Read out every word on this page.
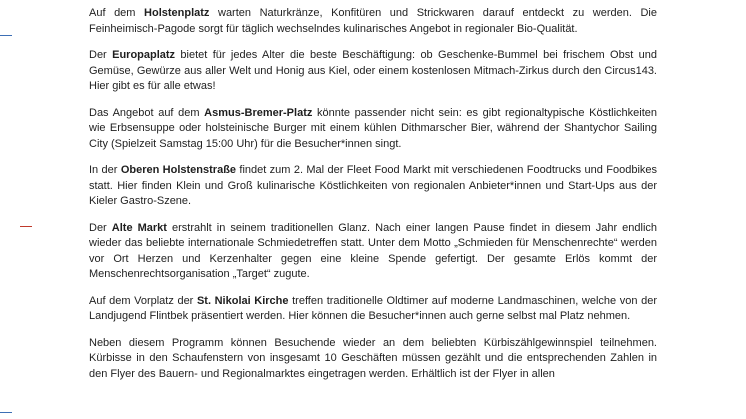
Auf dem Holstenplatz warten Naturkränze, Konfitüren und Strickwaren darauf entdeckt zu werden. Die Feinheimisch-Pagode sorgt für täglich wechselndes kulinarisches Angebot in regionaler Bio-Qualität.

Der Europaplatz bietet für jedes Alter die beste Beschäftigung: ob Geschenke-Bummel bei frischem Obst und Gemüse, Gewürze aus aller Welt und Honig aus Kiel, oder einem kostenlosen Mitmach-Zirkus durch den Circus143. Hier gibt es für alle etwas!

Das Angebot auf dem Asmus-Bremer-Platz könnte passender nicht sein: es gibt regionaltypische Köstlichkeiten wie Erbsensuppe oder holsteinische Burger mit einem kühlen Dithmarscher Bier, während der Shantychor Sailing City (Spielzeit Samstag 15:00 Uhr) für die Besucher*innen singt.

In der Oberen Holstenstraße findet zum 2. Mal der Fleet Food Markt mit verschiedenen Foodtrucks und Foodbikes statt. Hier finden Klein und Groß kulinarische Köstlichkeiten von regionalen Anbieter*innen und Start-Ups aus der Kieler Gastro-Szene.

Der Alte Markt erstrahlt in seinem traditionellen Glanz. Nach einer langen Pause findet in diesem Jahr endlich wieder das beliebte internationale Schmiedetreffen statt. Unter dem Motto „Schmieden für Menschenrechte“ werden vor Ort Herzen und Kerzenhalter gegen eine kleine Spende gefertigt. Der gesamte Erlös kommt der Menschenrechtsorganisation „Target“ zugute.

Auf dem Vorplatz der St. Nikolai Kirche treffen traditionelle Oldtimer auf moderne Landmaschinen, welche von der Landjugend Flintbek präsentiert werden. Hier können die Besucher*innen auch gerne selbst mal Platz nehmen.

Neben diesem Programm können Besuchende wieder an dem beliebten Kürbiszählgewinnspiel teilnehmen. Kürbisse in den Schaufenstern von insgesamt 10 Geschäften müssen gezählt und die entsprechenden Zahlen in den Flyer des Bauern- und Regionalmarktes eingetragen werden. Erhältlich ist der Flyer in allen
